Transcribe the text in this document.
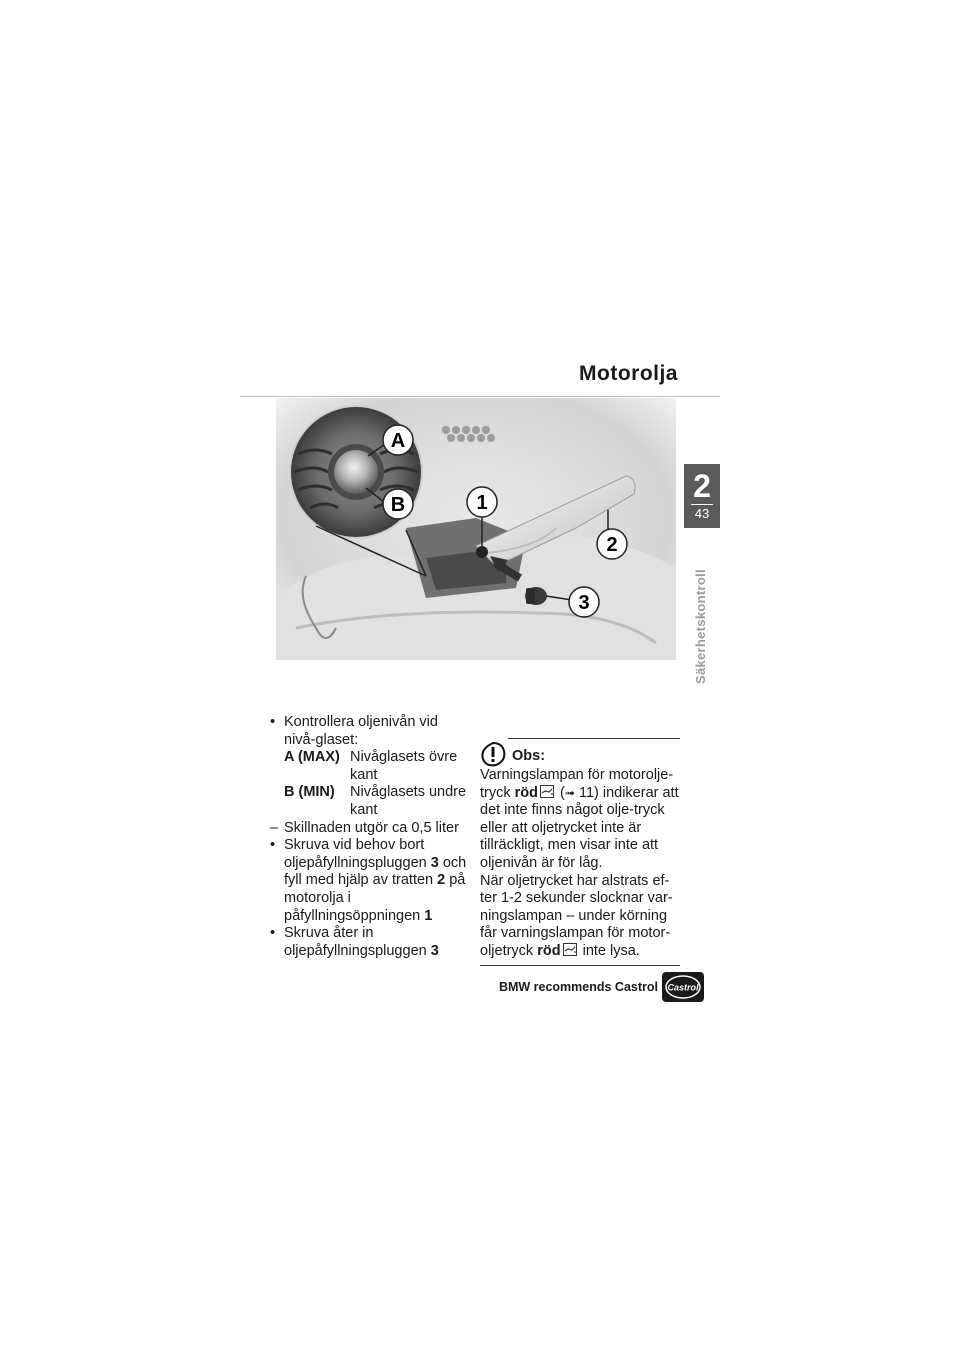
Motorolja
A
B	1
2
3
2
43
Säkerhetskontroll
• Kontrollera oljenivån vid nivå-glaset:
A (MAX) Nivåglasets övre kant
B (MIN)	Nivåglasets undre kant
– Skillnaden utgör ca 0,5 liter
• Skruva vid behov bort oljepåfyllningspluggen 3 och fyll med hjälp av tratten 2 på motorolja i påfyllningsöppningen 1
• Skruva åter in oljepåfyllningspluggen 3
Obs:
Varningslampan för motorolje-tryck röd (➟ 11) indikerar att det inte finns något olje-tryck eller att oljetrycket inte är tillräckligt, men visar inte att oljenivån är för låg.
När oljetrycket har alstrats ef-ter 1-2 sekunder slocknar var-ningslampan – under körning får varningslampan för motor-oljetryck röd inte lysa.
BMW recommends Castrol Castrol
